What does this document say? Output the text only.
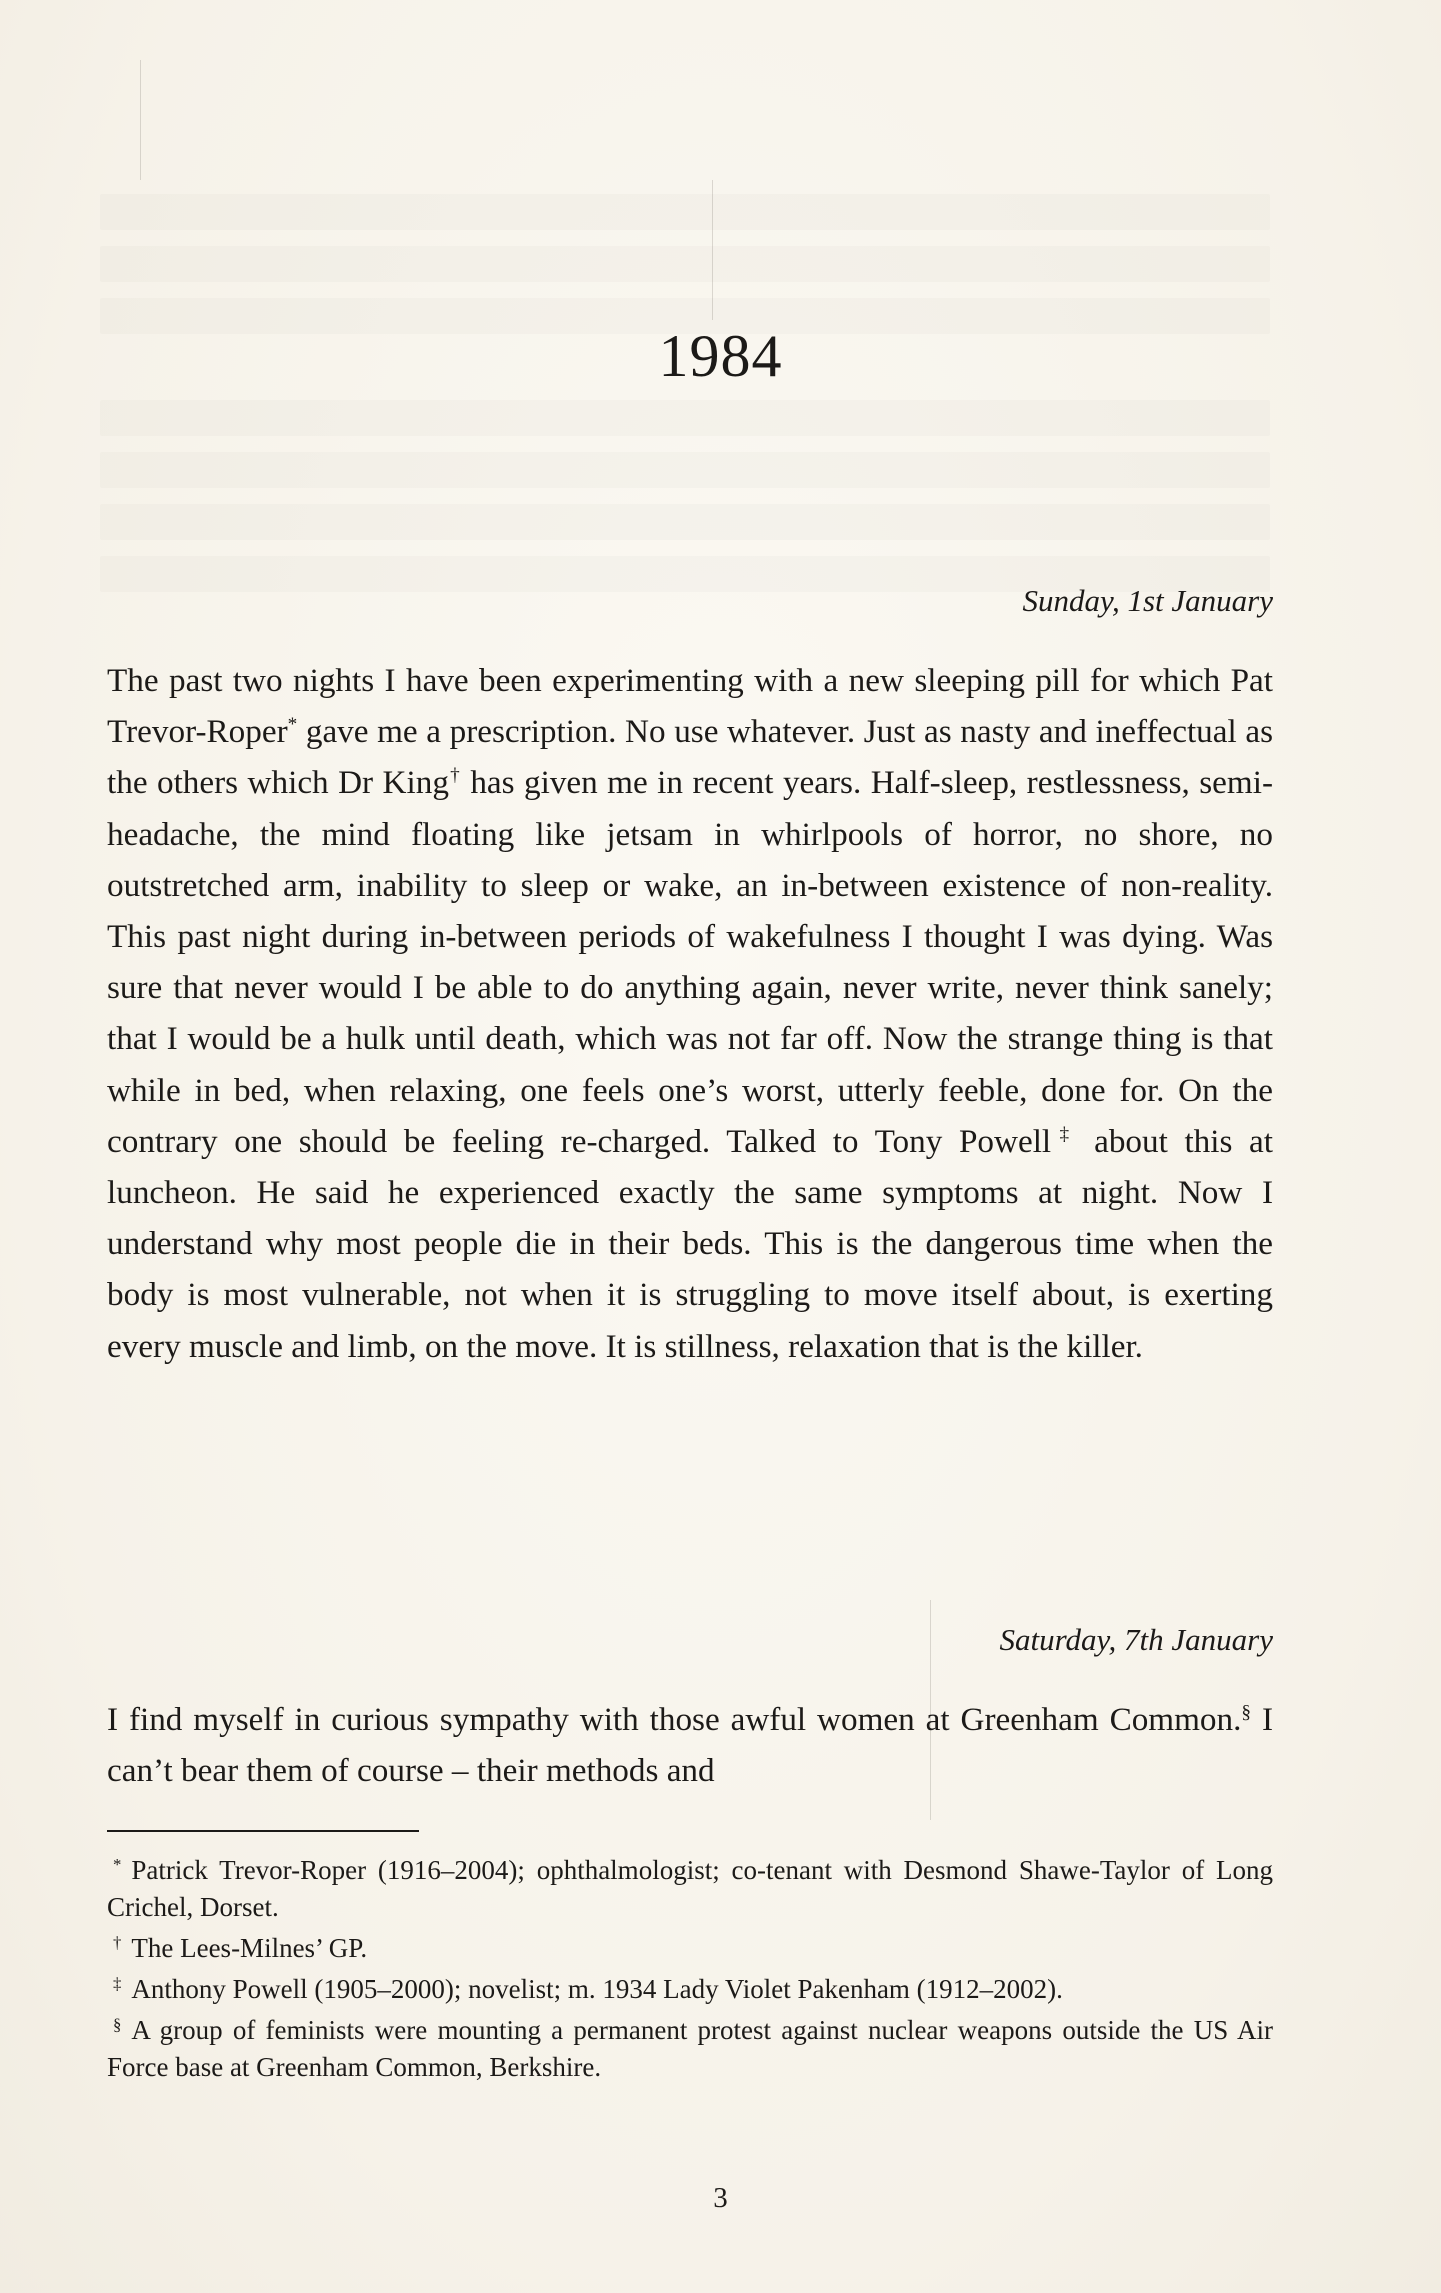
1984
Sunday, 1st January

The past two nights I have been experimenting with a new sleeping pill for which Pat Trevor-Roper* gave me a prescription. No use whatever. Just as nasty and ineffectual as the others which Dr King† has given me in recent years. Half-sleep, restlessness, semi-headache, the mind floating like jetsam in whirlpools of horror, no shore, no outstretched arm, inability to sleep or wake, an in-between existence of non-reality. This past night during in-between periods of wakefulness I thought I was dying. Was sure that never would I be able to do anything again, never write, never think sanely; that I would be a hulk until death, which was not far off. Now the strange thing is that while in bed, when relaxing, one feels one’s worst, utterly feeble, done for. On the contrary one should be feeling re-charged. Talked to Tony Powell‡ about this at luncheon. He said he experienced exactly the same symptoms at night. Now I understand why most people die in their beds. This is the dangerous time when the body is most vulnerable, not when it is struggling to move itself about, is exerting every muscle and limb, on the move. It is stillness, relaxation that is the killer.

Saturday, 7th January

I find myself in curious sympathy with those awful women at Greenham Common.§ I can’t bear them of course – their methods and

* Patrick Trevor-Roper (1916–2004); ophthalmologist; co-tenant with Desmond Shawe-Taylor of Long Crichel, Dorset.

† The Lees-Milnes’ GP.

‡ Anthony Powell (1905–2000); novelist; m. 1934 Lady Violet Pakenham (1912–2002).

§ A group of feminists were mounting a permanent protest against nuclear weapons outside the US Air Force base at Greenham Common, Berkshire.

3
